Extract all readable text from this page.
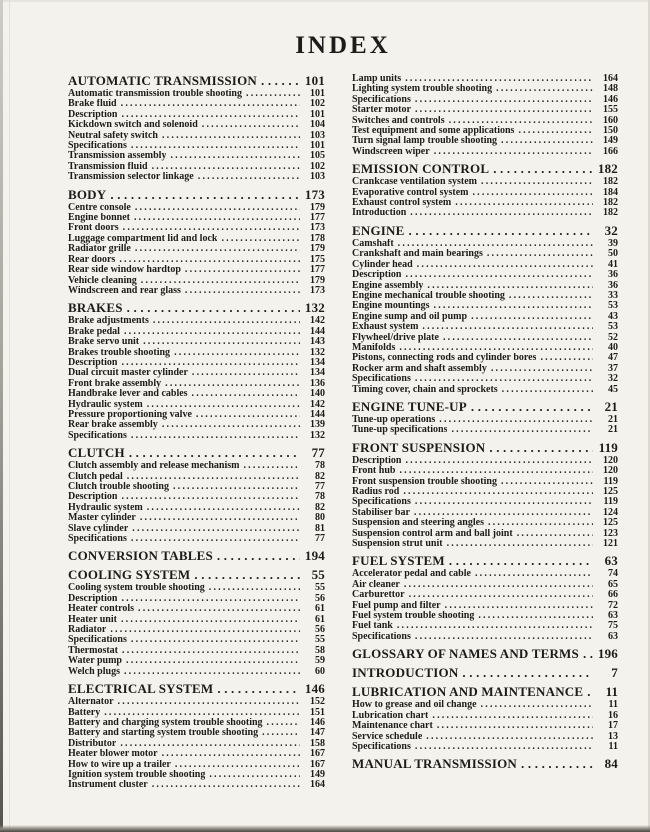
INDEX
AUTOMATIC TRANSMISSION .....	101
Automatic transmission trouble shooting .....	101
Brake fluid .....	102
Description .....	101
Kickdown switch and solenoid .....	104
Neutral safety switch .....	103
Specifications .....	101
Transmission assembly .....	105
Transmission fluid .....	102
Transmission selector linkage .....	103
BODY .....	173
Centre console .....	179
Engine bonnet .....	177
Front doors .....	173
Luggage compartment lid and lock .....	178
Radiator grille .....	179
Rear doors .....	175
Rear side window hardtop .....	177
Vehicle cleaning .....	179
Windscreen and rear glass .....	173
BRAKES .....	132
Brake adjustments .....	142
Brake pedal .....	144
Brake servo unit .....	143
Brakes trouble shooting .....	132
Description .....	134
Dual circuit master cylinder .....	134
Front brake assembly .....	136
Handbrake lever and cables .....	140
Hydraulic system .....	142
Pressure proportioning valve .....	144
Rear brake assembly .....	139
Specifications .....	132
CLUTCH .....	77
Clutch assembly and release mechanism .....	78
Clutch pedal .....	82
Clutch trouble shooting .....	77
Description .....	78
Hydraulic system .....	82
Master cylinder .....	80
Slave cylinder .....	81
Specifications .....	77
CONVERSION TABLES .....	194
COOLING SYSTEM .....	55
Cooling system trouble shooting .....	55
Description .....	56
Heater controls .....	61
Heater unit .....	61
Radiator .....	56
Specifications .....	55
Thermostat .....	58
Water pump .....	59
Welch plugs .....	60
ELECTRICAL SYSTEM .....	146
Alternator .....	152
Battery .....	151
Battery and charging system trouble shooting .....	146
Battery and starting system trouble shooting .....	147
Distributor .....	158
Heater blower motor .....	167
How to wire up a trailer .....	167
Ignition system trouble shooting .....	149
Instrument cluster .....	164
Lamp units .....	164
Lighting system trouble shooting .....	148
Specifications .....	146
Starter motor .....	155
Switches and controls .....	160
Test equipment and some applications .....	150
Turn signal lamp trouble shooting .....	149
Windscreen wiper .....	166
EMISSION CONTROL .....	182
Crankcase ventilation system .....	182
Evaporative control system .....	184
Exhaust control system .....	182
Introduction .....	182
ENGINE .....	32
Camshaft .....	39
Crankshaft and main bearings .....	50
Cylinder head .....	41
Description .....	36
Engine assembly .....	36
Engine mechanical trouble shooting .....	33
Engine mountings .....	53
Engine sump and oil pump .....	43
Exhaust system .....	53
Flywheel/drive plate .....	52
Manifolds .....	40
Pistons, connecting rods and cylinder bores .....	47
Rocker arm and shaft assembly .....	37
Specifications .....	32
Timing cover, chain and sprockets .....	45
ENGINE TUNE-UP .....	21
Tune-up operations .....	21
Tune-up specifications .....	21
FRONT SUSPENSION .....	119
Description .....	120
Front hub .....	120
Front suspension trouble shooting .....	119
Radius rod .....	125
Specifications .....	119
Stabiliser bar .....	124
Suspension and steering angles .....	125
Suspension control arm and ball joint .....	123
Suspension strut unit .....	121
FUEL SYSTEM .....	63
Accelerator pedal and cable .....	74
Air cleaner .....	65
Carburettor .....	66
Fuel pump and filter .....	72
Fuel system trouble shooting .....	63
Fuel tank .....	75
Specifications .....	63
GLOSSARY OF NAMES AND TERMS ..... 196
INTRODUCTION .....	7
LUBRICATION AND MAINTENANCE .....	11
How to grease and oil change .....	11
Lubrication chart .....	16
Maintenance chart .....	17
Service schedule .....	13
Specifications .....	11
MANUAL TRANSMISSION .....	84
